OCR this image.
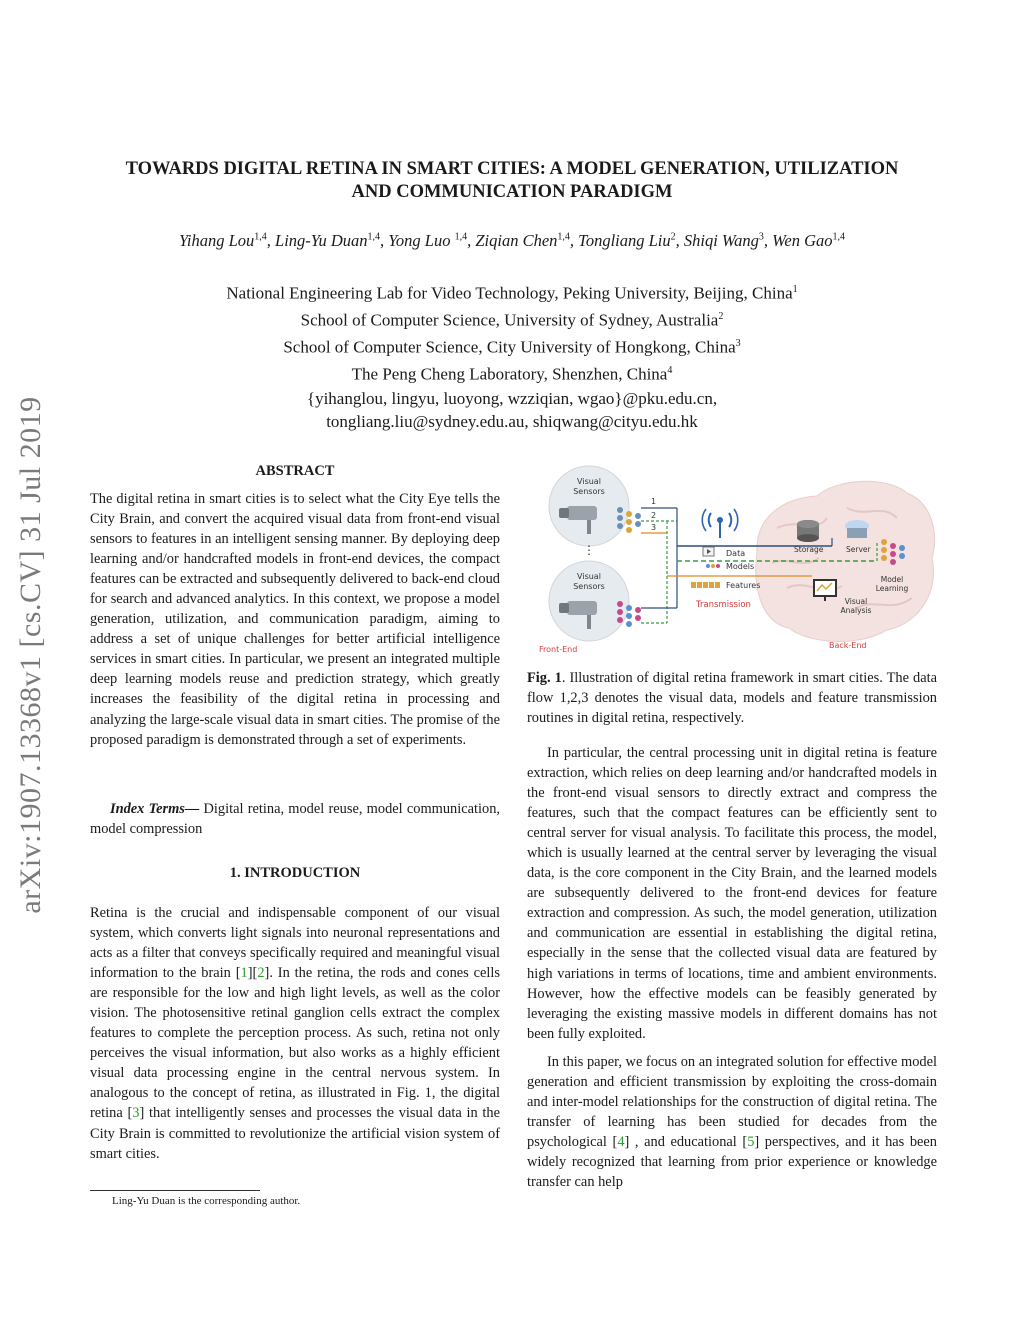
arXiv:1907.13368v1 [cs.CV] 31 Jul 2019
TOWARDS DIGITAL RETINA IN SMART CITIES: A MODEL GENERATION, UTILIZATION
AND COMMUNICATION PARADIGM
Yihang Lou$^{1,4}$, Ling-Yu Duan$^{1,4}$, Yong Luo $^{1,4}$, Ziqian Chen$^{1,4}$, Tongliang Liu$^2$, Shiqi Wang$^3$, Wen Gao$^{1,4}$
National Engineering Lab for Video Technology, Peking University, Beijing, China$^1$
School of Computer Science, University of Sydney, Australia$^2$
School of Computer Science, City University of Hongkong, China$^3$
The Peng Cheng Laboratory, Shenzhen, China$^4$
{yihanglou, lingyu, luoyong, wzziqian, wgao}@pku.edu.cn,
tongliang.liu@sydney.edu.au, shiqwang@cityu.edu.hk
ABSTRACT

The digital retina in smart cities is to select what the City Eye tells the City Brain, and convert the acquired visual data from front-end visual sensors to features in an intelligent sensing manner. By deploying deep learning and/or handcrafted models in front-end devices, the compact features can be extracted and subsequently delivered to back-end cloud for search and advanced analytics. In this context, we propose a model generation, utilization, and communication paradigm, aiming to address a set of unique challenges for better artificial intelligence services in smart cities. In particular, we present an integrated multiple deep learning models reuse and prediction strategy, which greatly increases the feasibility of the digital retina in processing and analyzing the large-scale visual data in smart cities. The promise of the proposed paradigm is demonstrated through a set of experiments.

Index Terms— Digital retina, model reuse, model communication, model compression

1. INTRODUCTION

Retina is the crucial and indispensable component of our visual system, which converts light signals into neuronal representations and acts as a filter that conveys specifically required and meaningful visual information to the brain [1][2]. In the retina, the rods and cones cells are responsible for the low and high light levels, as well as the color vision. The photosensitive retinal ganglion cells extract the complex features to complete the perception process. As such, retina not only perceives the visual information, but also works as a highly efficient visual data processing engine in the central nervous system. In analogous to the concept of retina, as illustrated in Fig. 1, the digital retina [3] that intelligently senses and processes the visual data in the City Brain is committed to revolutionize the artificial vision system of smart cities.

Ling-Yu Duan is the corresponding author.
Visual
Sensors
Visual
Sensors
⋮
1
2
3
Data
Models
Features
Transmission
Storage	Server
Model
Learning
Visual
Analysis
Front-End	Back-End
Fig. 1. Illustration of digital retina framework in smart cities. The data flow 1,2,3 denotes the visual data, models and feature transmission routines in digital retina, respectively.

In particular, the central processing unit in digital retina is feature extraction, which relies on deep learning and/or handcrafted models in the front-end visual sensors to directly extract and compress the features, such that the compact features can be efficiently sent to central server for visual analysis. To facilitate this process, the model, which is usually learned at the central server by leveraging the visual data, is the core component in the City Brain, and the learned models are subsequently delivered to the front-end devices for feature extraction and compression. As such, the model generation, utilization and communication are essential in establishing the digital retina, especially in the sense that the collected visual data are featured by high variations in terms of locations, time and ambient environments. However, how the effective models can be feasibly generated by leveraging the existing massive models in different domains has not been fully exploited.

In this paper, we focus on an integrated solution for effective model generation and efficient transmission by exploiting the cross-domain and inter-model relationships for the construction of digital retina. The transfer of learning has been studied for decades from the psychological [4] , and educational [5] perspectives, and it has been widely recognized that learning from prior experience or knowledge transfer can help
